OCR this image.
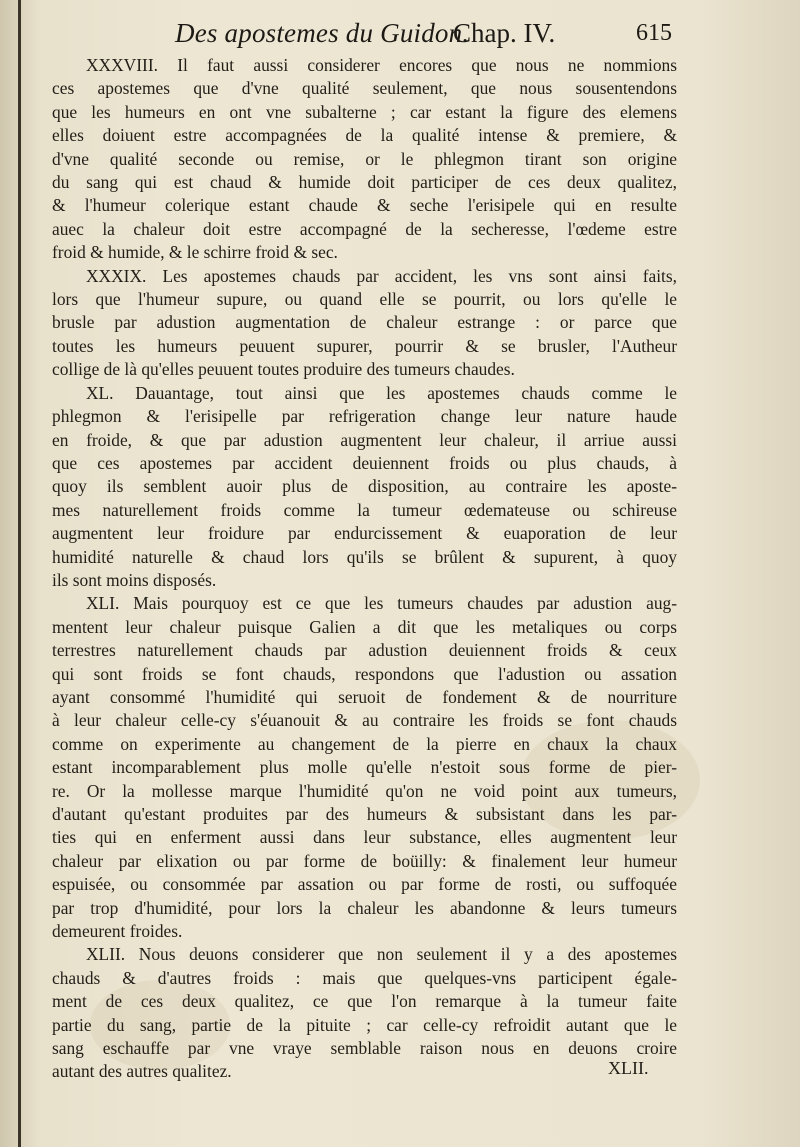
Des apostemes du Guidon.
Chap. IV.	615
XXXVIII. Il faut aussi considerer encores que nous ne nommions
ces apostemes que d'vne qualité seulement, que nous sousentendons
que les humeurs en ont vne subalterne ; car estant la figure des elemens
elles doiuent estre accompagnées de la qualité intense & premiere, &
d'vne qualité seconde ou remise, or le phlegmon tirant son origine
du sang qui est chaud & humide doit participer de ces deux qualitez,
& l'humeur colerique estant chaude & seche l'erisipele qui en resulte
auec la chaleur doit estre accompagné de la secheresse, l'œdeme estre
froid & humide, & le schirre froid & sec.
XXXIX. Les apostemes chauds par accident, les vns sont ainsi faits,
lors que l'humeur supure, ou quand elle se pourrit, ou lors qu'elle le
brusle par adustion augmentation de chaleur estrange : or parce que
toutes les humeurs peuuent supurer, pourrir & se brusler, l'Autheur
collige de là qu'elles peuuent toutes produire des tumeurs chaudes.
XL. Dauantage, tout ainsi que les apostemes chauds comme le
phlegmon & l'erisipelle par refrigeration change leur nature haude
en froide, & que par adustion augmentent leur chaleur, il arriue aussi
que ces apostemes par accident deuiennent froids ou plus chauds, à
quoy ils semblent auoir plus de disposition, au contraire les aposte-
mes naturellement froids comme la tumeur œdemateuse ou schireuse
augmentent leur froidure par endurcissement & euaporation de leur
humidité naturelle & chaud lors qu'ils se brûlent & supurent, à quoy
ils sont moins disposés.
XLI. Mais pourquoy est ce que les tumeurs chaudes par adustion aug-
mentent leur chaleur puisque Galien a dit que les metaliques ou corps
terrestres naturellement chauds par adustion deuiennent froids & ceux
qui sont froids se font chauds, respondons que l'adustion ou assation
ayant consommé l'humidité qui seruoit de fondement & de nourriture
à leur chaleur celle-cy s'éuanouit & au contraire les froids se font chauds
comme on experimente au changement de la pierre en chaux la chaux
estant incomparablement plus molle qu'elle n'estoit sous forme de pier-
re. Or la mollesse marque l'humidité qu'on ne void point aux tumeurs,
d'autant qu'estant produites par des humeurs & subsistant dans les par-
ties qui en enferment aussi dans leur substance, elles augmentent leur
chaleur par elixation ou par forme de boüilly: & finalement leur humeur
espuisée, ou consommée par assation ou par forme de rosti, ou suffoquée
par trop d'humidité, pour lors la chaleur les abandonne & leurs tumeurs
demeurent froides.
XLII. Nous deuons considerer que non seulement il y a des apostemes
chauds & d'autres froids : mais que quelques-vns participent égale-
ment de ces deux qualitez, ce que l'on remarque à la tumeur faite
partie du sang, partie de la pituite ; car celle-cy refroidit autant que le
sang eschauffe par vne vraye semblable raison nous en deuons croire
autant des autres qualitez.	XLII.
